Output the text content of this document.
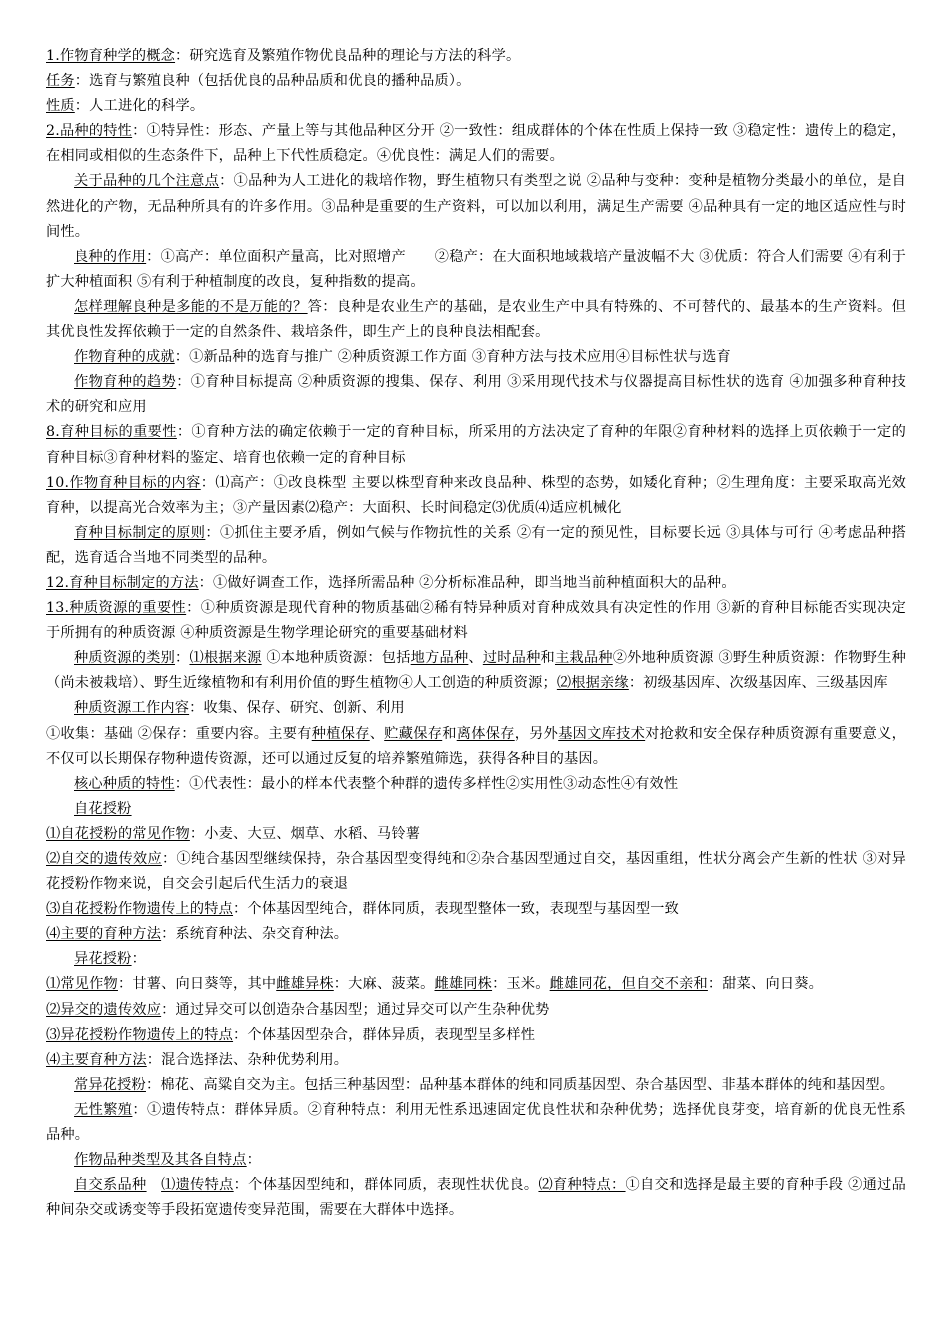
1.作物育种学的概念：研究选育及繁殖作物优良品种的理论与方法的科学。

任务：选育与繁殖良种（包括优良的品种品质和优良的播种品质）。

性质：人工进化的科学。

2.品种的特性：①特异性：形态、产量上等与其他品种区分开 ②一致性：组成群体的个体在性质上保持一致 ③稳定性：遗传上的稳定，在相同或相似的生态条件下，品种上下代性质稳定。④优良性：满足人们的需要。

关于品种的几个注意点：①品种为人工进化的栽培作物，野生植物只有类型之说 ②品种与变种：变种是植物分类最小的单位，是自然进化的产物，无品种所具有的许多作用。③品种是重要的生产资料，可以加以利用，满足生产需要 ④品种具有一定的地区适应性与时间性。

良种的作用：①高产：单位面积产量高，比对照增产　　②稳产：在大面积地域栽培产量波幅不大 ③优质：符合人们需要 ④有利于扩大种植面积 ⑤有利于种植制度的改良，复种指数的提高。

怎样理解良种是多能的不是万能的？答：良种是农业生产的基础，是农业生产中具有特殊的、不可替代的、最基本的生产资料。但其优良性发挥依赖于一定的自然条件、栽培条件，即生产上的良种良法相配套。

作物育种的成就：①新品种的选育与推广 ②种质资源工作方面 ③育种方法与技术应用④目标性状与选育

作物育种的趋势：①育种目标提高 ②种质资源的搜集、保存、利用 ③采用现代技术与仪器提高目标性状的选育 ④加强多种育种技术的研究和应用

8.育种目标的重要性：①育种方法的确定依赖于一定的育种目标，所采用的方法决定了育种的年限②育种材料的选择上页依赖于一定的育种目标③育种材料的鉴定、培育也依赖一定的育种目标

10.作物育种目标的内容：⑴高产：①改良株型 主要以株型育种来改良品种、株型的态势，如矮化育种；②生理角度：主要采取高光效育种，以提高光合效率为主；③产量因素⑵稳产：大面积、长时间稳定⑶优质⑷适应机械化

育种目标制定的原则：①抓住主要矛盾，例如气候与作物抗性的关系 ②有一定的预见性，目标要长远 ③具体与可行 ④考虑品种搭配，选育适合当地不同类型的品种。

12.育种目标制定的方法：①做好调查工作，选择所需品种 ②分析标准品种，即当地当前种植面积大的品种。

13.种质资源的重要性：①种质资源是现代育种的物质基础②稀有特异种质对育种成效具有决定性的作用 ③新的育种目标能否实现决定于所拥有的种质资源 ④种质资源是生物学理论研究的重要基础材料

种质资源的类别：⑴根据来源 ①本地种质资源：包括地方品种、过时品种和主栽品种②外地种质资源 ③野生种质资源：作物野生种（尚未被栽培）、野生近缘植物和有利用价值的野生植物④人工创造的种质资源；⑵根据亲缘：初级基因库、次级基因库、三级基因库

种质资源工作内容：收集、保存、研究、创新、利用

①收集：基础 ②保存：重要内容。主要有种植保存、贮藏保存和离体保存，另外基因文库技术对抢救和安全保存种质资源有重要意义，不仅可以长期保存物种遗传资源，还可以通过反复的培养繁殖筛选，获得各种目的基因。

核心种质的特性：①代表性：最小的样本代表整个种群的遗传多样性②实用性③动态性④有效性

自花授粉

⑴自花授粉的常见作物：小麦、大豆、烟草、水稻、马铃薯

⑵自交的遗传效应：①纯合基因型继续保持，杂合基因型变得纯和②杂合基因型通过自交，基因重组，性状分离会产生新的性状 ③对异花授粉作物来说，自交会引起后代生活力的衰退

⑶自花授粉作物遗传上的特点：个体基因型纯合，群体同质，表现型整体一致，表现型与基因型一致

⑷主要的育种方法：系统育种法、杂交育种法。

异花授粉：

⑴常见作物：甘薯、向日葵等，其中雌雄异株：大麻、菠菜。雌雄同株：玉米。雌雄同花，但自交不亲和：甜菜、向日葵。

⑵异交的遗传效应：通过异交可以创造杂合基因型；通过异交可以产生杂种优势

⑶异花授粉作物遗传上的特点：个体基因型杂合，群体异质，表现型呈多样性

⑷主要育种方法：混合选择法、杂种优势利用。

常异花授粉：棉花、高粱自交为主。包括三种基因型：品种基本群体的纯和同质基因型、杂合基因型、非基本群体的纯和基因型。

无性繁殖：①遗传特点：群体异质。②育种特点：利用无性系迅速固定优良性状和杂种优势；选择优良芽变，培育新的优良无性系品种。

作物品种类型及其各自特点：

自交系品种　 ⑴遗传特点：个体基因型纯和，群体同质，表现性状优良。⑵育种特点：①自交和选择是最主要的育种手段 ②通过品种间杂交或诱变等手段拓宽遗传变异范围，需要在大群体中选择。
